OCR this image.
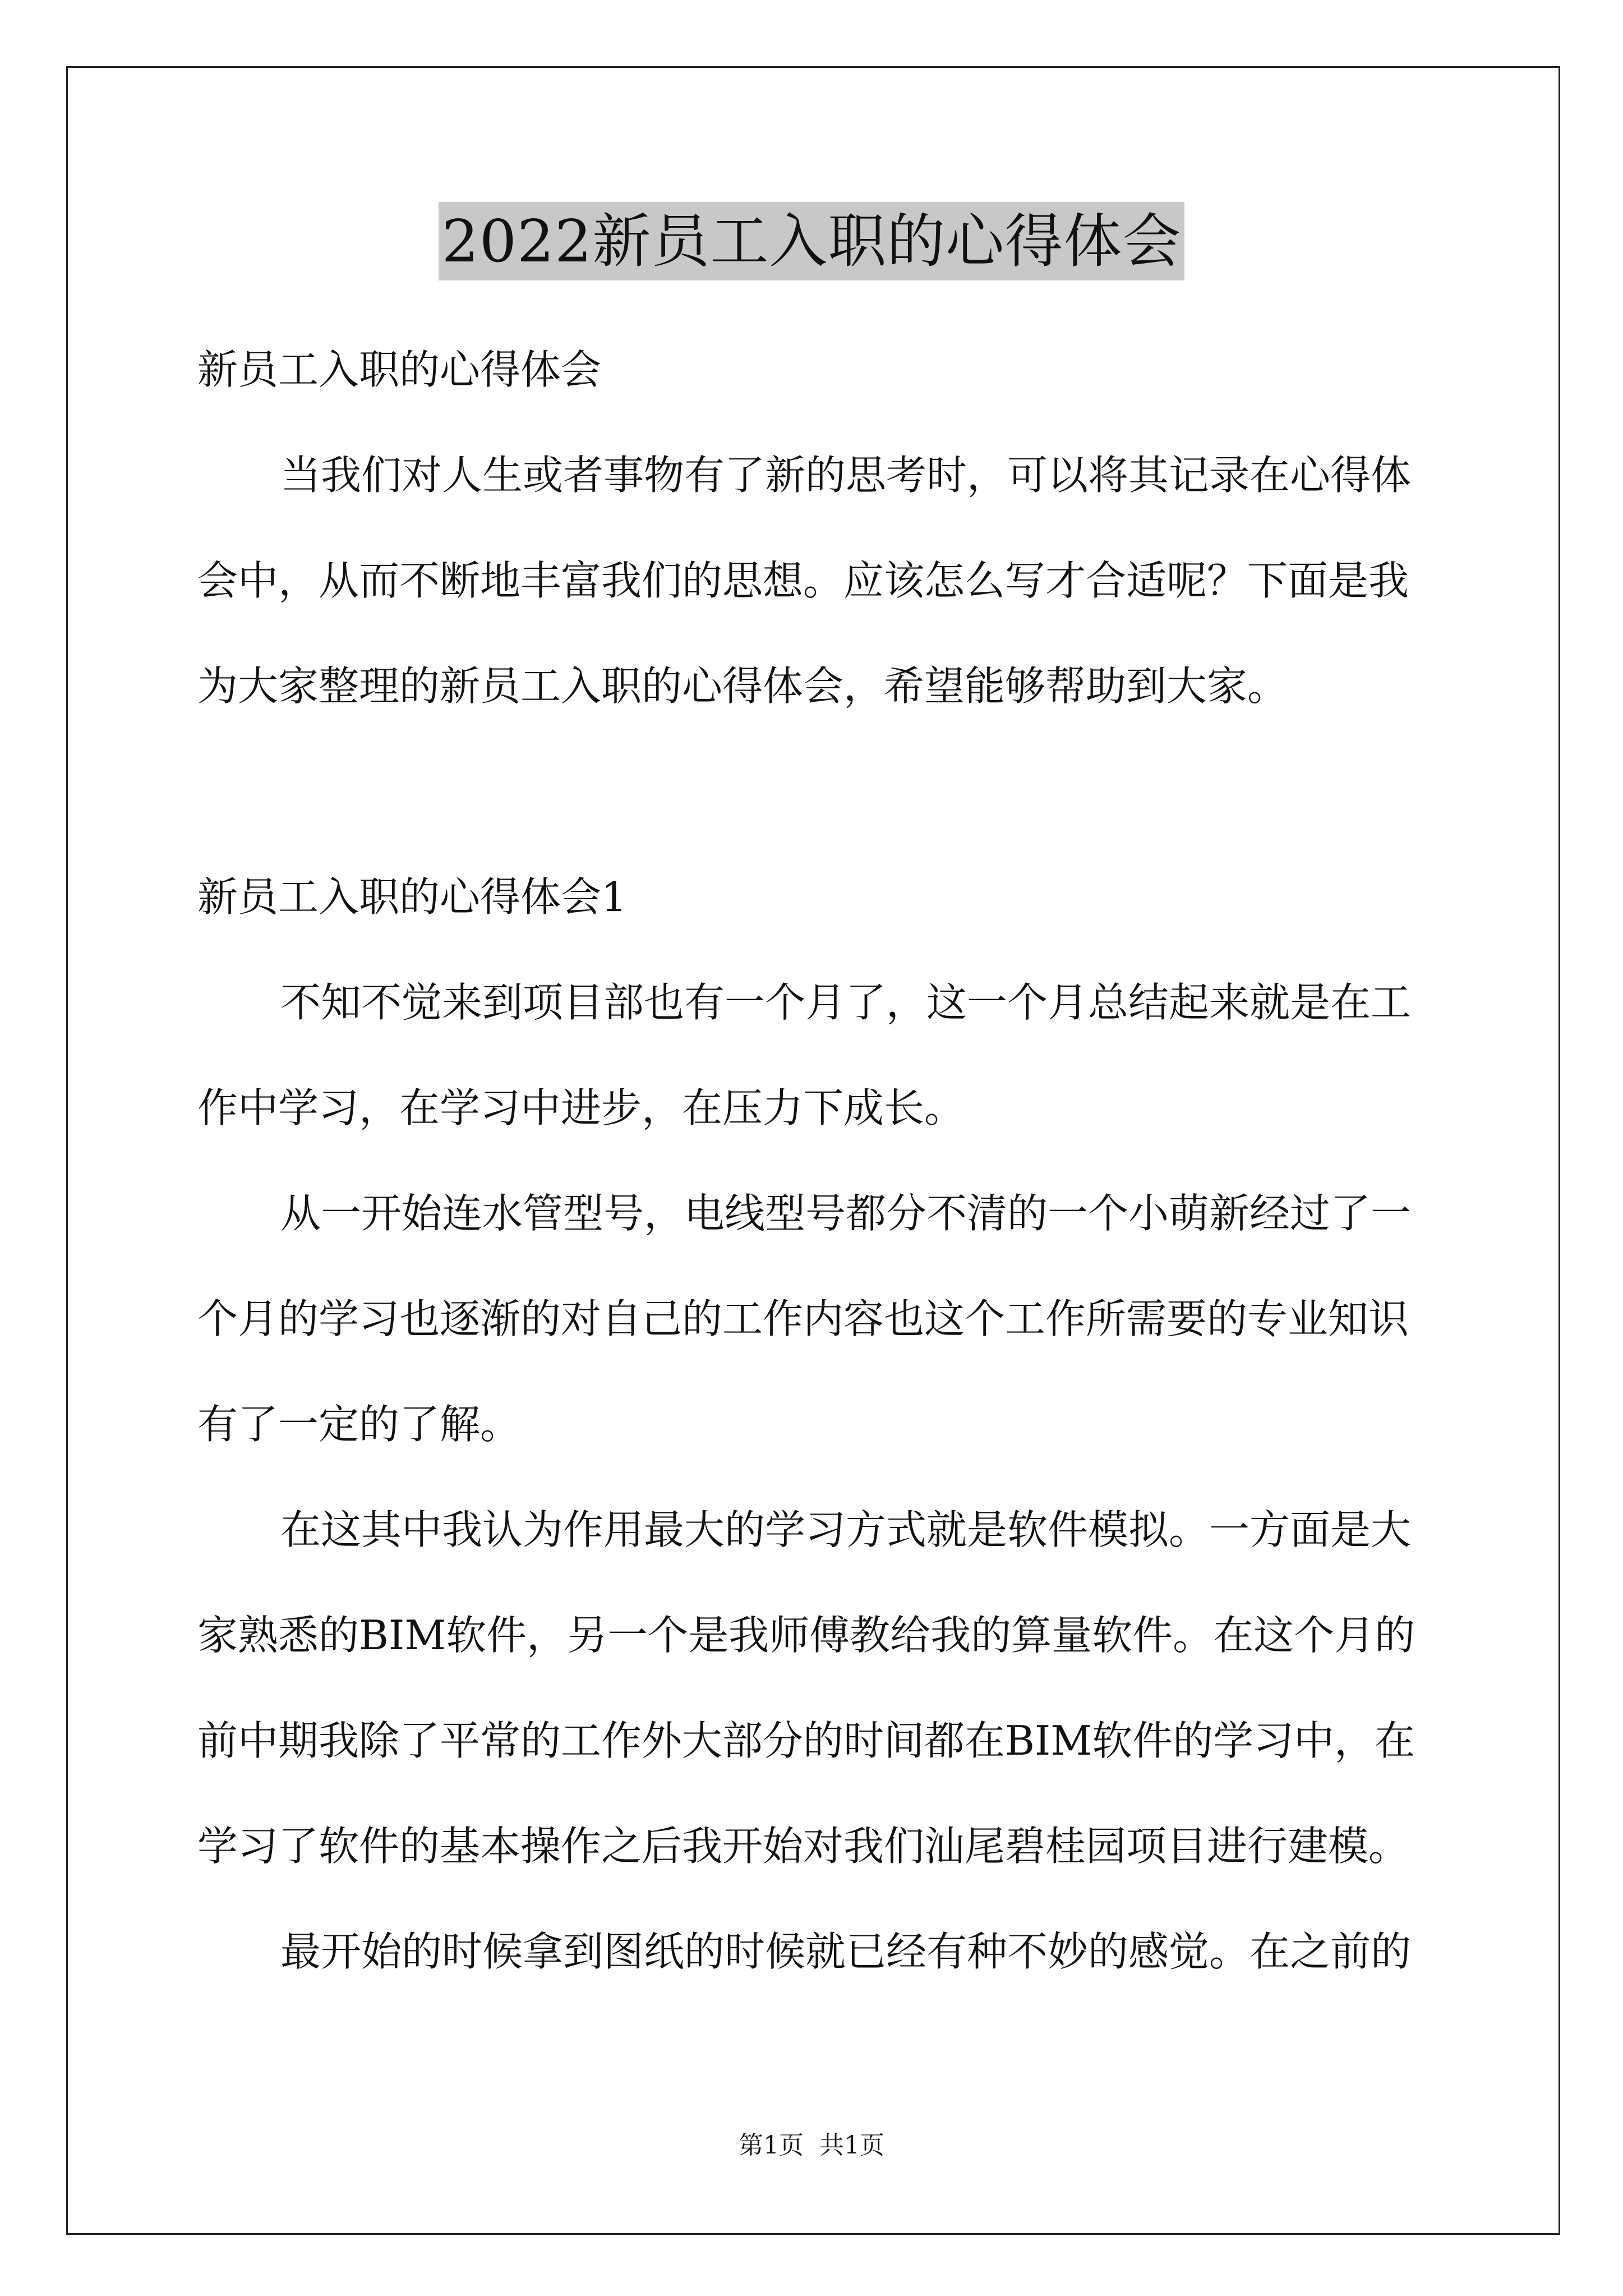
2022新员工入职的心得体会

新员工入职的心得体会

当我们对人生或者事物有了新的思考时，可以将其记录在心得体

会中，从而不断地丰富我们的思想。应该怎么写才合适呢？下面是我

为大家整理的新员工入职的心得体会，希望能够帮助到大家。

新员工入职的心得体会1

不知不觉来到项目部也有一个月了，这一个月总结起来就是在工

作中学习，在学习中进步，在压力下成长。

从一开始连水管型号，电线型号都分不清的一个小萌新经过了一

个月的学习也逐渐的对自己的工作内容也这个工作所需要的专业知识

有了一定的了解。

在这其中我认为作用最大的学习方式就是软件模拟。一方面是大

家熟悉的BIM软件，另一个是我师傅教给我的算量软件。在这个月的

前中期我除了平常的工作外大部分的时间都在BIM软件的学习中，在

学习了软件的基本操作之后我开始对我们汕尾碧桂园项目进行建模。

最开始的时候拿到图纸的时候就已经有种不妙的感觉。在之前的

第1页 共1页
